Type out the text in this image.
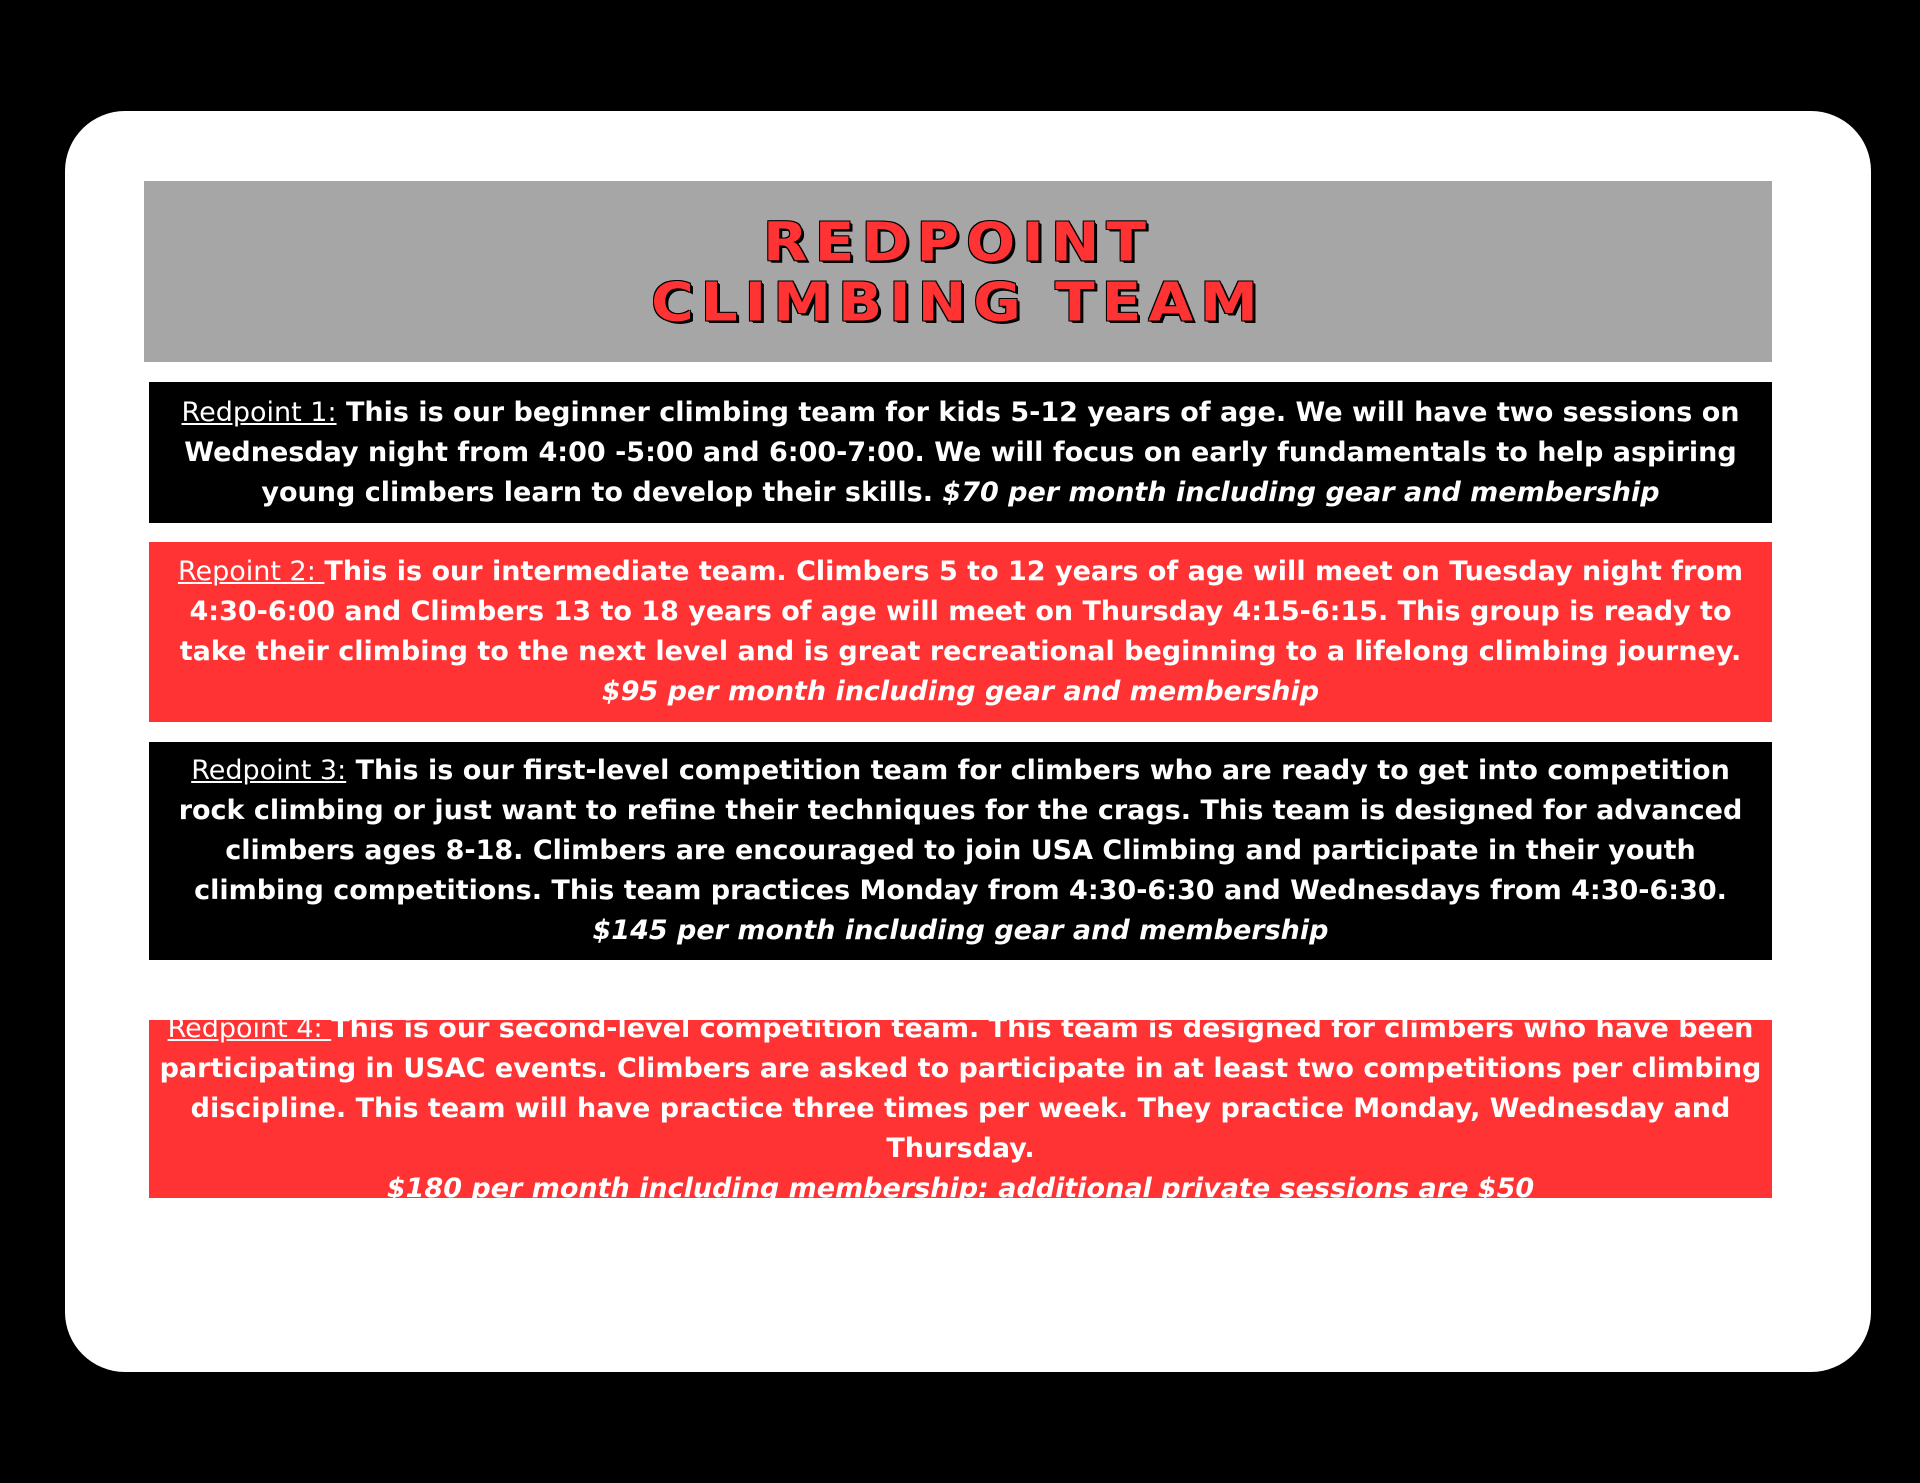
REDPOINT
CLIMBING TEAM
Redpoint 1: This is our beginner climbing team for kids 5-12 years of age. We will have two sessions on Wednesday night from 4:00 -5:00 and 6:00-7:00. We will focus on early fundamentals to help aspiring young climbers learn to develop their skills. $70 per month including gear and membership
Repoint 2: This is our intermediate team. Climbers 5 to 12 years of age will meet on Tuesday night from 4:30-6:00 and Climbers 13 to 18 years of age will meet on Thursday 4:15-6:15. This group is ready to take their climbing to the next level and is great recreational beginning to a lifelong climbing journey.
$95 per month including gear and membership
Redpoint 3: This is our first-level competition team for climbers who are ready to get into competition rock climbing or just want to refine their techniques for the crags. This team is designed for advanced climbers ages 8-18. Climbers are encouraged to join USA Climbing and participate in their youth climbing competitions. This team practices Monday from 4:30-6:30 and Wednesdays from 4:30-6:30.
$145 per month including gear and membership
Redpoint 4: This is our second-level competition team. This team is designed for climbers who have been participating in USAC events. Climbers are asked to participate in at least two competitions per climbing discipline. This team will have practice three times per week. They practice Monday, Wednesday and Thursday.
$180 per month including membership: additional private sessions are $50
